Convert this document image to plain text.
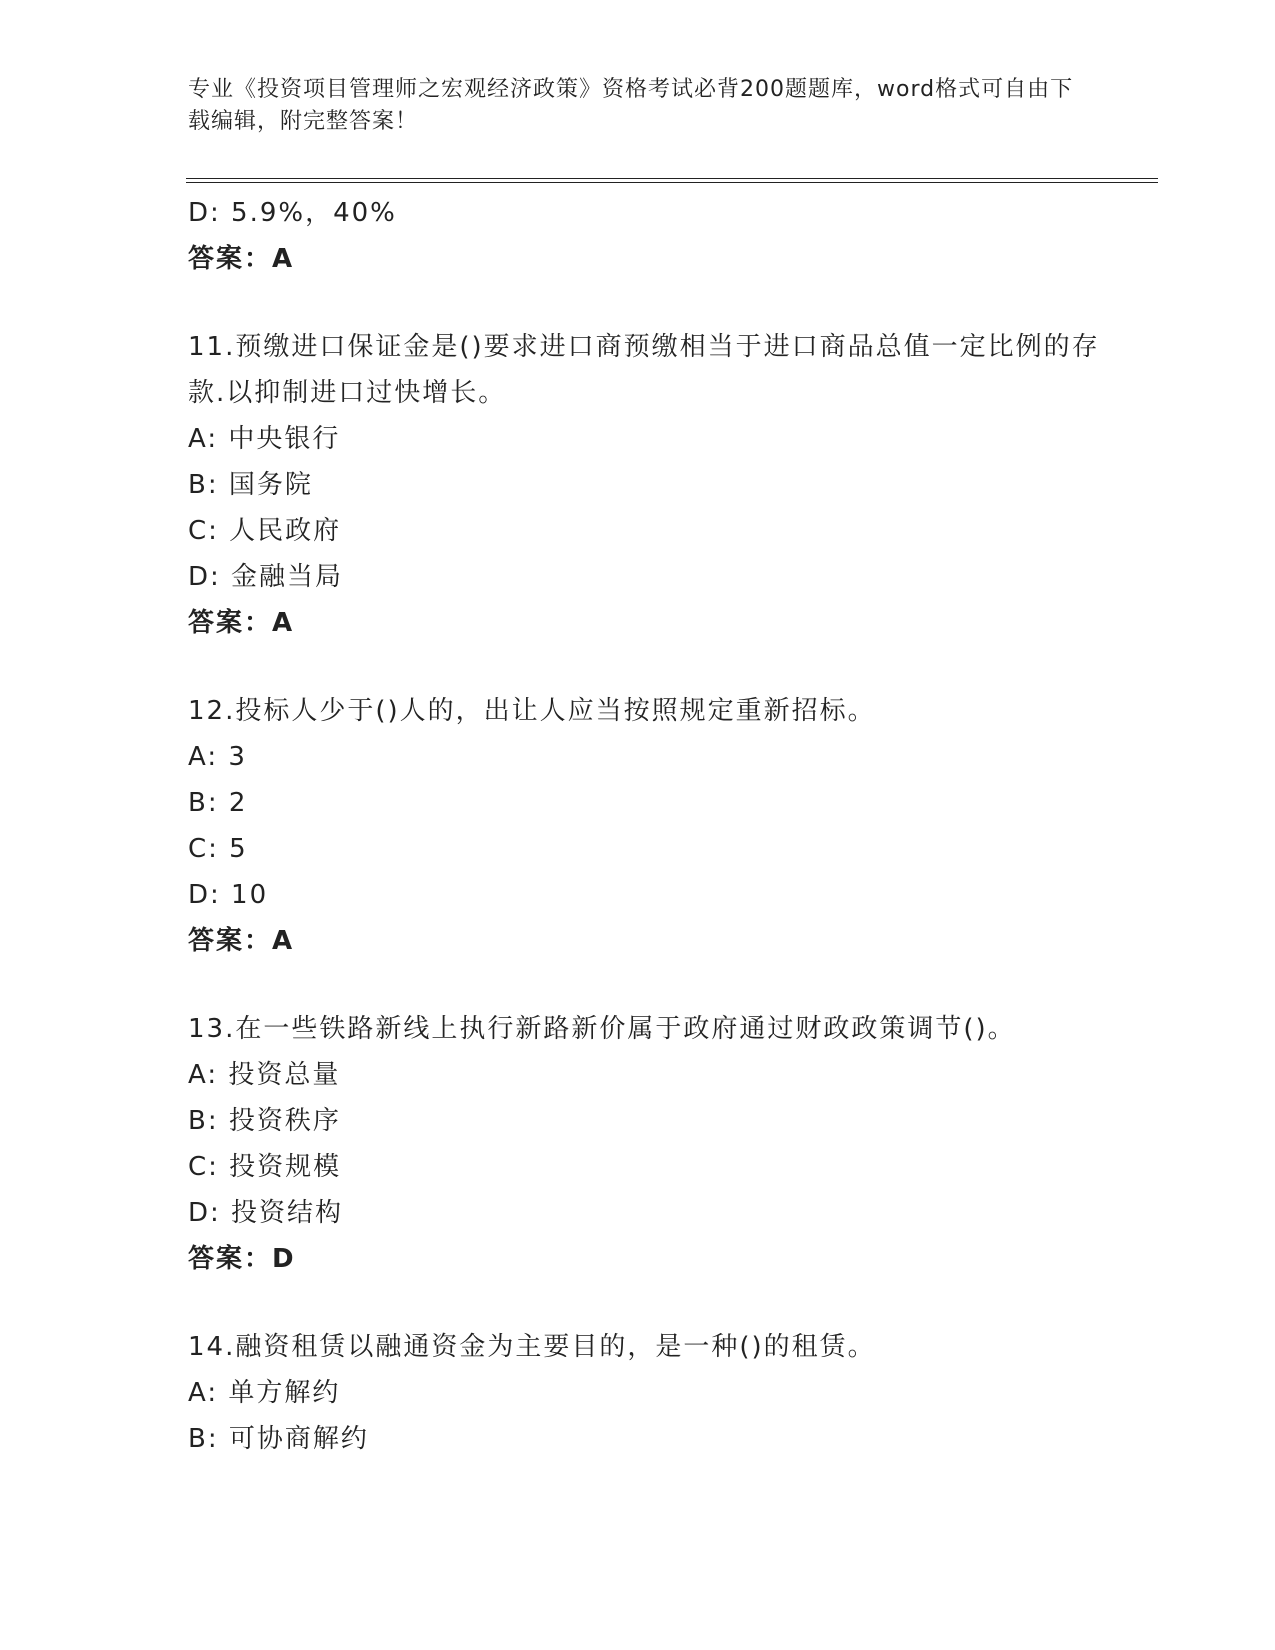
专业《投资项目管理师之宏观经济政策》资格考试必背200题题库，word格式可自由下载编辑，附完整答案！
D: 5.9%，40%
答案：A
11.预缴进口保证金是()要求进口商预缴相当于进口商品总值一定比例的存款.以抑制进口过快增长。
A: 中央银行
B: 国务院
C: 人民政府
D: 金融当局
答案：A
12.投标人少于()人的，出让人应当按照规定重新招标。
A: 3
B: 2
C: 5
D: 10
答案：A
13.在一些铁路新线上执行新路新价属于政府通过财政政策调节()。
A: 投资总量
B: 投资秩序
C: 投资规模
D: 投资结构
答案：D
14.融资租赁以融通资金为主要目的，是一种()的租赁。
A: 单方解约
B: 可协商解约
